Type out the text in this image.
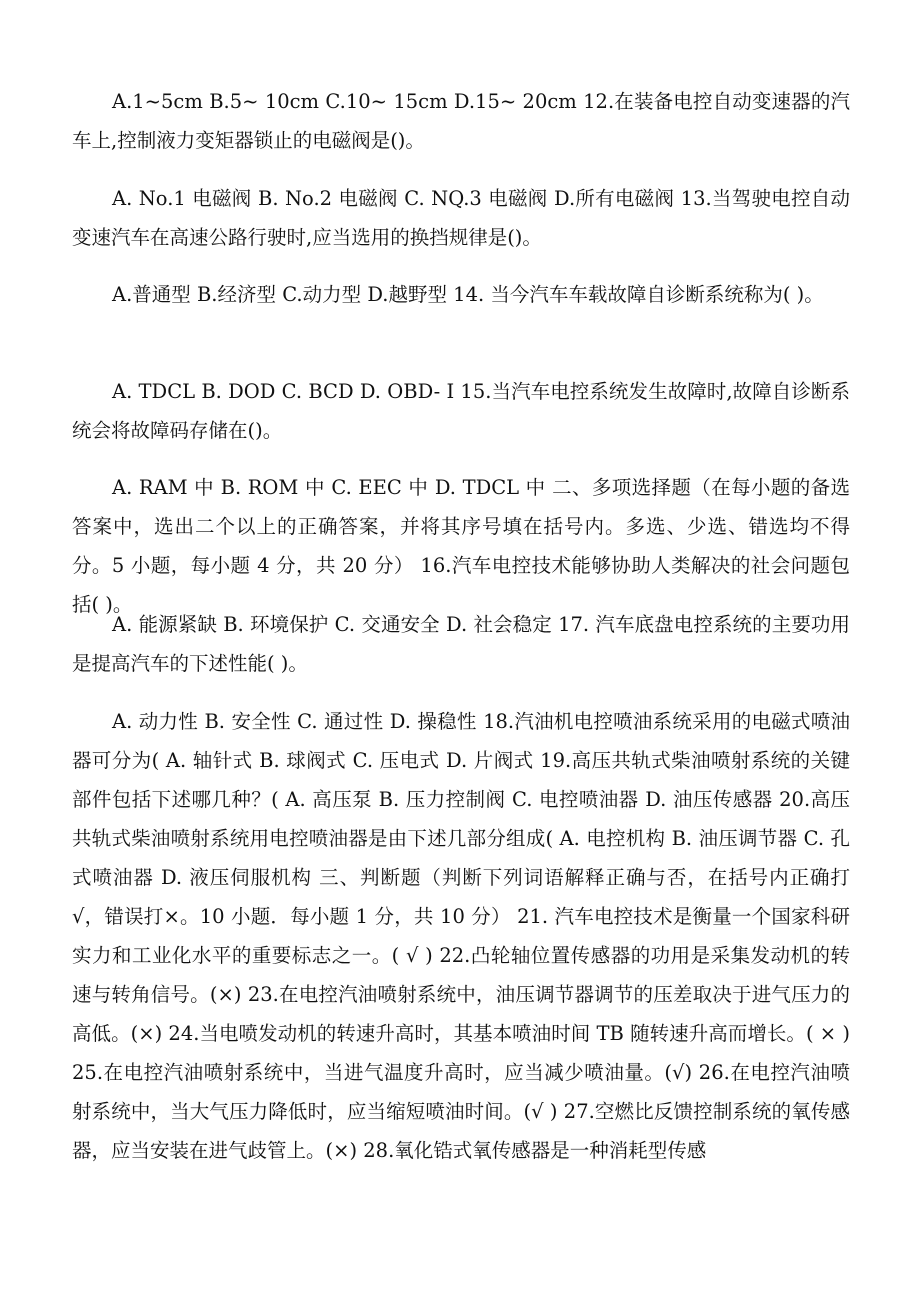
A.1~5cm B.5~ 10cm C.10~ 15cm D.15~ 20cm 12.在装备电控自动变速器的汽车上,控制液力变矩器锁止的电磁阀是()。

A. No.1 电磁阀 B. No.2 电磁阀 C. NQ.3 电磁阀 D.所有电磁阀 13.当驾驶电控自动变速汽车在高速公路行驶时,应当选用的换挡规律是()。

A.普通型 B.经济型 C.动力型 D.越野型 14. 当今汽车车载故障自诊断系统称为( )。

A. TDCL B. DOD C. BCD D. OBD- I 15.当汽车电控系统发生故障时,故障自诊断系统会将故障码存储在()。

A. RAM 中 B. ROM 中 C. EEC 中 D. TDCL 中 二、多项选择题（在每小题的备选答案中，选出二个以上的正确答案，并将其序号填在括号内。多选、少选、错选均不得分。5 小题，每小题 4 分，共 20 分） 16.汽车电控技术能够协助人类解决的社会问题包括( )。

A. 能源紧缺 B. 环境保护 C. 交通安全 D. 社会稳定 17. 汽车底盘电控系统的主要功用是提高汽车的下述性能( )。

A. 动力性 B. 安全性 C. 通过性 D. 操稳性 18.汽油机电控喷油系统采用的电磁式喷油器可分为( A. 轴针式 B. 球阀式 C. 压电式 D. 片阀式 19.高压共轨式柴油喷射系统的关键部件包括下述哪几种？( A. 高压泵 B. 压力控制阀 C. 电控喷油器 D. 油压传感器 20.高压共轨式柴油喷射系统用电控喷油器是由下述几部分组成( A. 电控机构 B. 油压调节器 C. 孔式喷油器 D. 液压伺服机构 三、判断题（判断下列词语解释正确与否，在括号内正确打 √，错误打×。10 小题．每小题 1 分，共 10 分） 21. 汽车电控技术是衡量一个国家科研实力和工业化水平的重要标志之一。( √ ) 22.凸轮轴位置传感器的功用是采集发动机的转速与转角信号。(×) 23.在电控汽油喷射系统中，油压调节器调节的压差取决于进气压力的高低。(×) 24.当电喷发动机的转速升高时，其基本喷油时间 TB 随转速升高而增长。( × ) 25.在电控汽油喷射系统中，当进气温度升高时，应当减少喷油量。(√) 26.在电控汽油喷射系统中，当大气压力降低时，应当缩短喷油时间。(√ ) 27.空燃比反馈控制系统的氧传感器，应当安装在进气歧管上。(×) 28.氧化锆式氧传感器是一种消耗型传感
